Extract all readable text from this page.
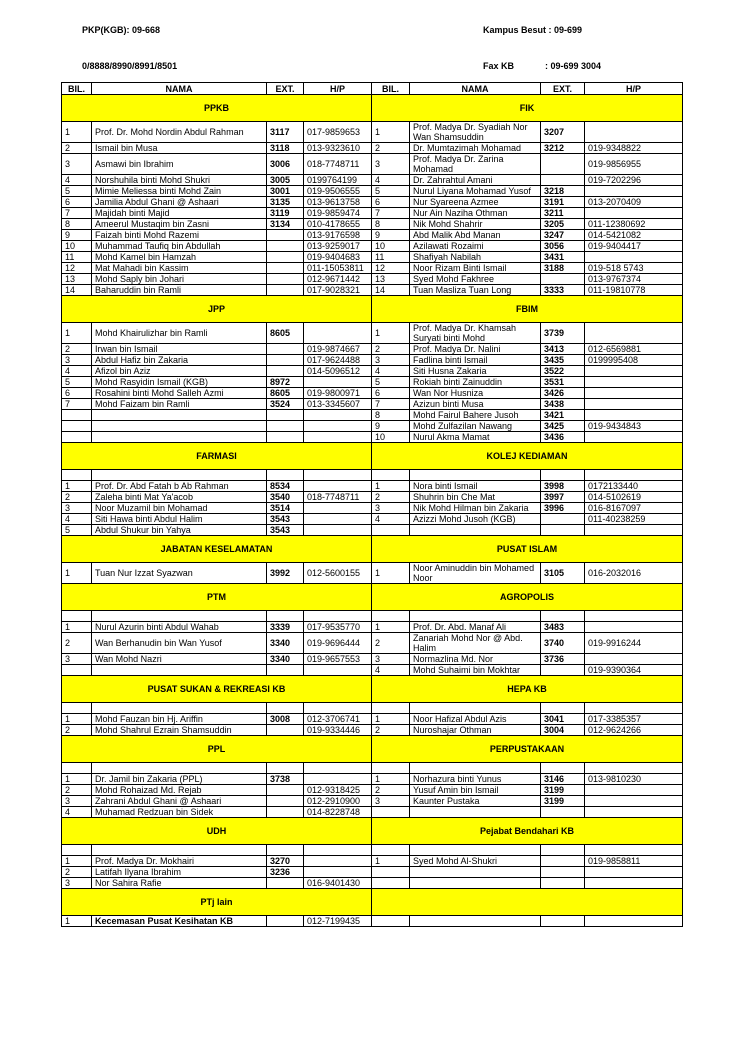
PKP(KGB): 09-668

0/8888/8990/8991/8501

Kampus Besut : 09-699

Fax KB	: 09-699 3004

BIL.	NAMA	EXT.	H/P	BIL.	NAMA	EXT.	H/P
PPKB				FIK			
1	Prof. Dr. Mohd Nordin Abdul Rahman	3117	017-9859653	1	Prof. Madya Dr. Syadiah Nor Wan Shamsuddin	3207	
2	Ismail bin Musa	3118	013-9323610	2	Dr. Mumtazimah Mohamad	3212	019-9348822
3	Asmawi bin Ibrahim	3006	018-7748711	3	Prof. Madya Dr. Zarina Mohamad		019-9856955
4	Norshuhila binti Mohd Shukri	3005	0199764199	4	Dr. Zahrahtul Amani		019-7202296
5	Mimie Meliessa binti Mohd Zain	3001	019-9506555	5	Nurul Liyana Mohamad Yusof	3218	
6	Jamilia Abdul Ghani @ Ashaari	3135	013-9613758	6	Nur Syareena Azmee	3191	013-2070409
7	Majidah binti Majid	3119	019-9859474	7	Nur Ain Naziha Othman	3211	
8	Ameerul Mustaqim bin Zasni	3134	010-4178655	8	Nik Mohd Shahrir	3205	011-12380692
9	Faizah binti Mohd Razemi		013-9176598	9	Abd Malik Abd Manan	3247	014-5421082
10	Muhammad Taufiq bin Abdullah		013-9259017	10	Azilawati Rozaimi	3056	019-9404417
11	Mohd Kamel bin Hamzah		019-9404683	11	Shafiyah Nabilah	3431	
12	Mat Mahadi bin Kassim		011-15053811	12	Noor Rizam Binti Ismail	3188	019-518 5743
13	Mohd Saply bin Johari		012-9671442	13	Syed Mohd Fakhree		013-9767374
14	Baharuddin bin Ramli		017-9028321	14	Tuan Masliza Tuan Long	3333	011-19810778
JPP				FBIM			
1	Mohd Khairulizhar bin Ramli	8605		1	Prof. Madya Dr. Khamsah Suryati binti Mohd	3739	
2	Irwan bin Ismail		019-9874667	2	Prof. Madya Dr. Nalini	3413	012-6569881
3	Abdul Hafiz bin Zakaria		017-9624488	3	Fadlina binti Ismail	3435	0199995408
4	Afizol bin Aziz		014-5096512	4	Siti Husna Zakaria	3522	
5	Mohd Rasyidin Ismail (KGB)	8972		5	Rokiah binti Zainuddin	3531	
6	Rosahini binti Mohd Salleh Azmi	8605	019-9800971	6	Wan Nor Husniza	3426	
7	Mohd Faizam bin Ramli	3524	013-3345607	7	Azizun binti Musa	3438	
				8	Mohd Fairul Bahere Jusoh	3421	
				9	Mohd Zulfazilan Nawang	3425	019-9434843
				10	Nurul Akma Mamat	3436	
FARMASI				KOLEJ KEDIAMAN			

1	Prof. Dr. Abd Fatah b Ab Rahman	8534		1	Nora binti Ismail	3998	0172133440
2	Zaleha binti Mat Ya'acob	3540	018-7748711	2	Shuhrin bin Che Mat	3997	014-5102619
3	Noor Muzamil bin Mohamad	3514		3	Nik Mohd Hilman bin Zakaria	3996	016-8167097
4	Siti Hawa binti Abdul Halim	3543		4	Azizzi Mohd Jusoh (KGB)		011-40238259
5	Abdul Shukur bin Yahya	3543					
JABATAN KESELAMATAN				PUSAT ISLAM			
1	Tuan Nur Izzat Syazwan	3992	012-5600155	1	Noor Aminuddin bin Mohamed Noor	3105	016-2032016
PTM				AGROPOLIS			

1	Nurul Azurin binti Abdul Wahab	3339	017-9535770	1	Prof. Dr. Abd. Manaf Ali	3483	
2	Wan Berhanudin bin Wan Yusof	3340	019-9696444	2	Zanariah Mohd Nor @ Abd. Halim	3740	019-9916244
3	Wan Mohd Nazri	3340	019-9657553	3	Normazlina Md. Nor	3736	
				4	Mohd Suhaimi bin Mokhtar		019-9390364
PUSAT SUKAN & REKREASI KB				HEPA KB			

1	Mohd Fauzan bin Hj. Ariffin	3008	012-3706741	1	Noor Hafizal Abdul Azis	3041	017-3385357
2	Mohd Shahrul Ezrain Shamsuddin		019-9334446	2	Nuroshajar Othman	3004	012-9624266
PPL				PERPUSTAKAAN			

1	Dr. Jamil bin Zakaria (PPL)	3738		1	Norhazura binti Yunus	3146	013-9810230
2	Mohd Rohaizad Md. Rejab		012-9318425	2	Yusuf Amin bin Ismail	3199	
3	Zahrani Abdul Ghani @ Ashaari		012-2910900	3	Kaunter Pustaka	3199	
4	Muhamad Redzuan bin Sidek		014-8228748				
UDH				Pejabat Bendahari KB			

1	Prof. Madya Dr. Mokhairi	3270		1	Syed Mohd Al-Shukri		019-9858811
2	Latifah Ilyana Ibrahim	3236					
3	Nor Sahira Rafie		016-9401430				
PTj lain							
1	Kecemasan Pusat Kesihatan KB		012-7199435				
